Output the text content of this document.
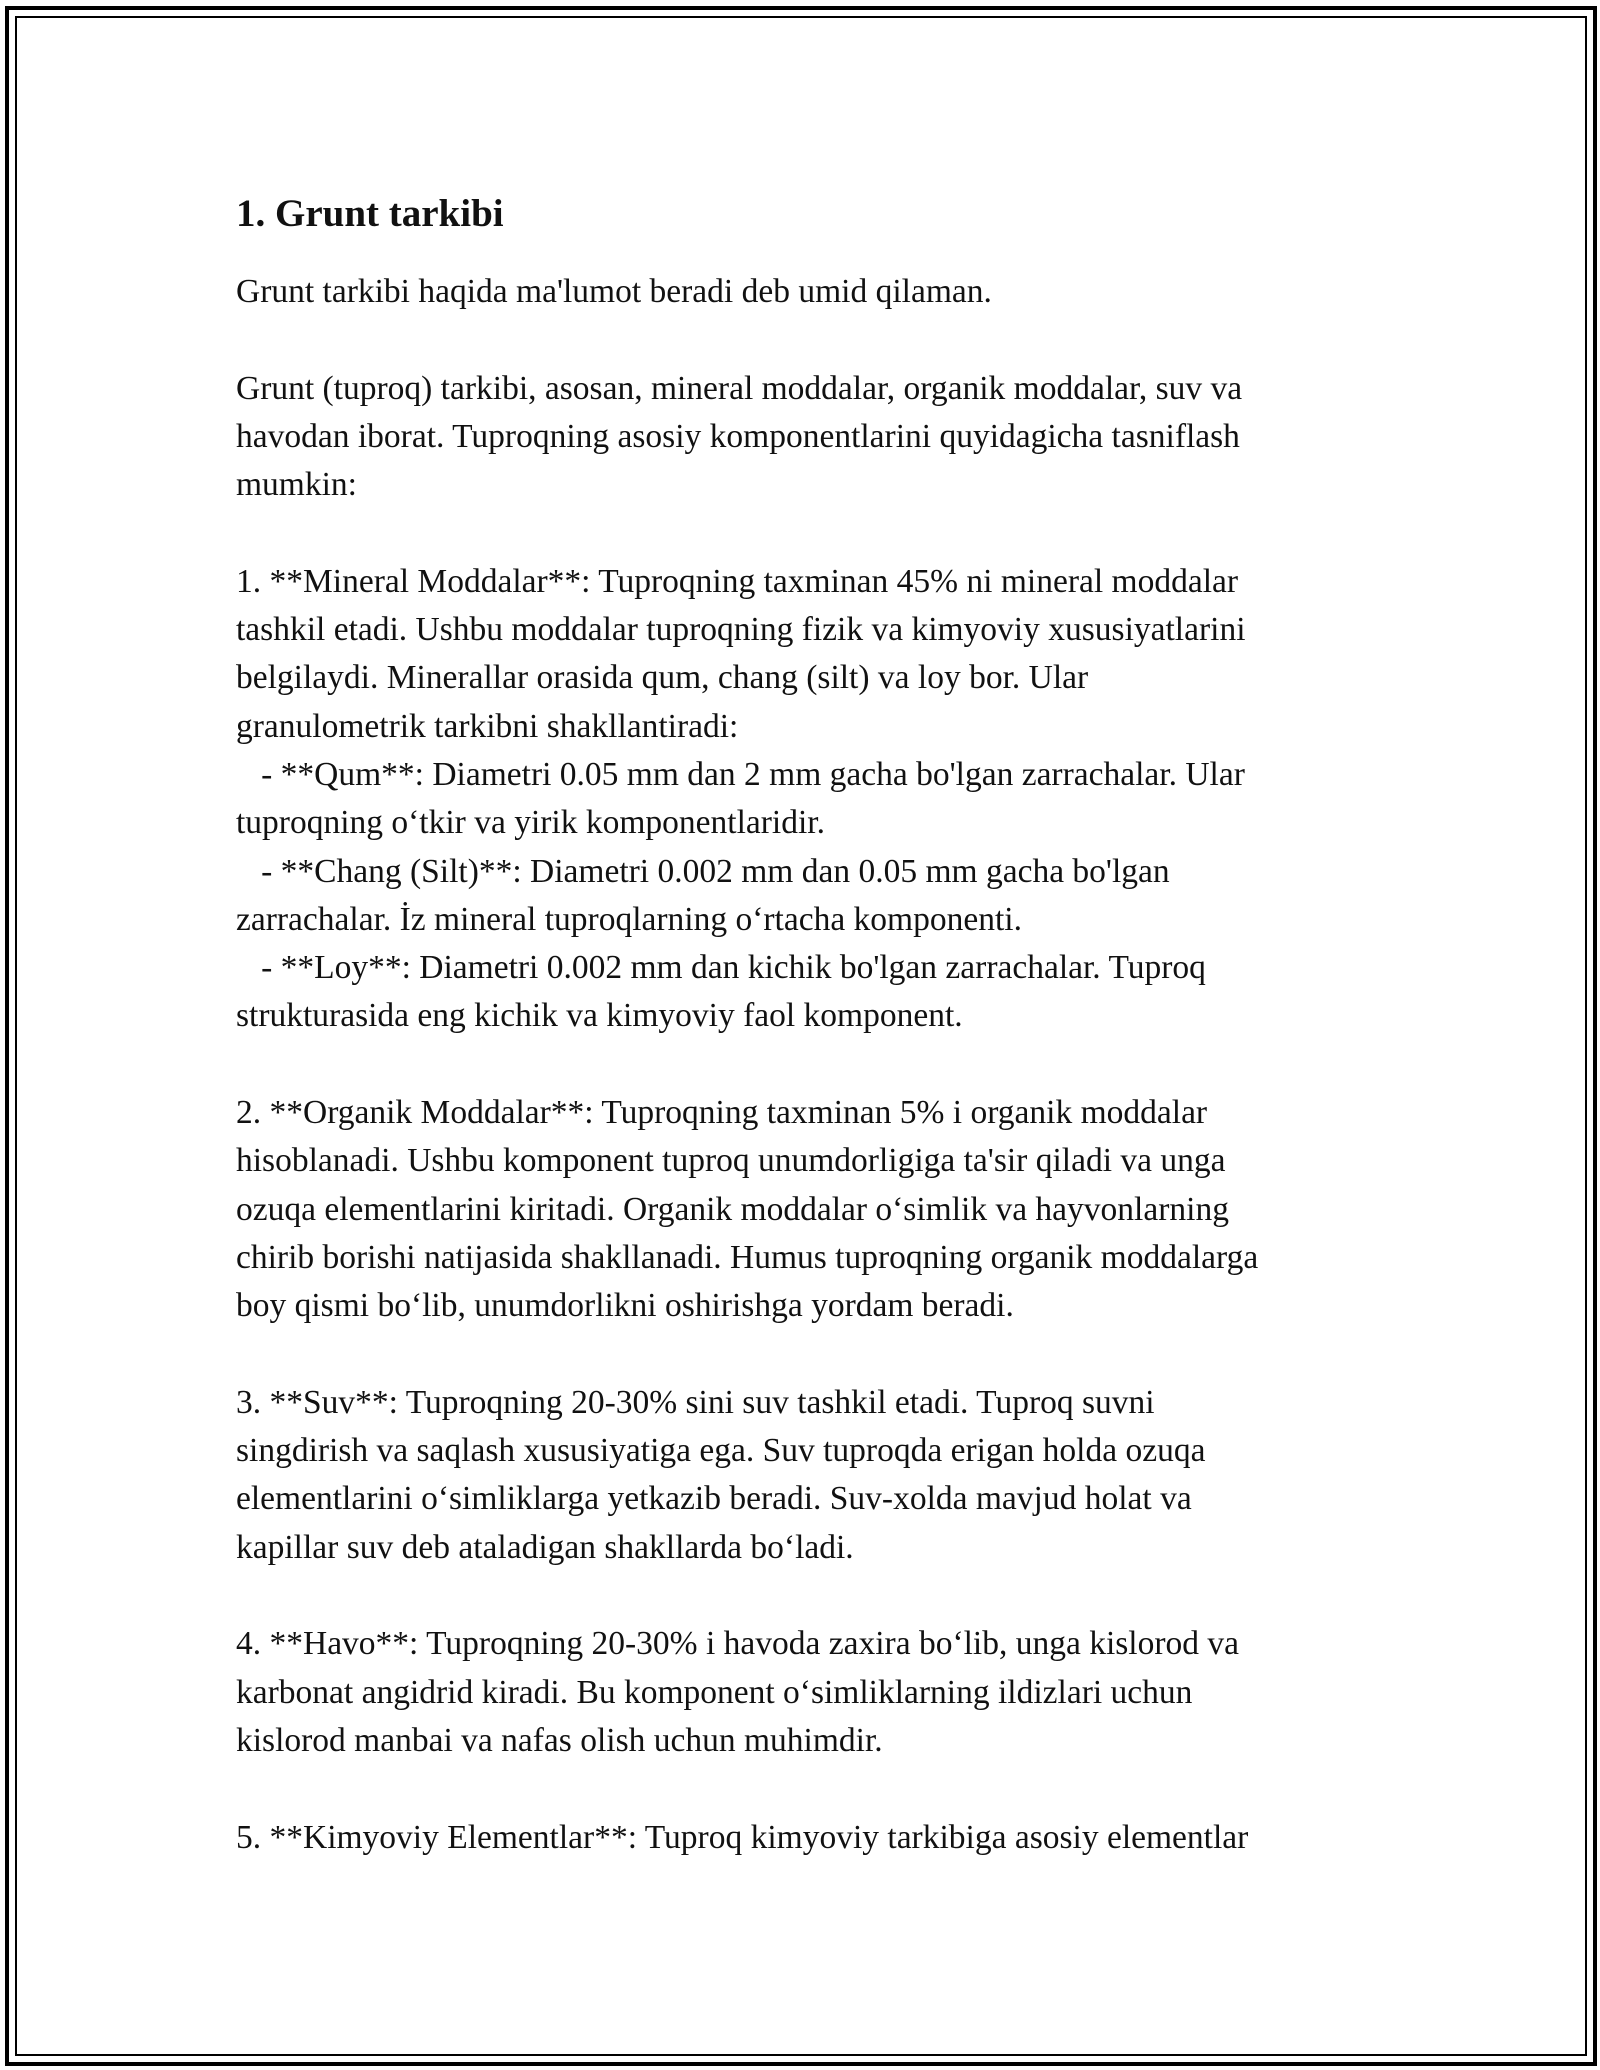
1. Grunt tarkibi

Grunt tarkibi haqida ma'lumot beradi deb umid qilaman.

Grunt (tuproq) tarkibi, asosan, mineral moddalar, organik moddalar, suv va
havodan iborat. Tuproqning asosiy komponentlarini quyidagicha tasniflash
mumkin:

1. **Mineral Moddalar**: Tuproqning taxminan 45% ni mineral moddalar
tashkil etadi. Ushbu moddalar tuproqning fizik va kimyoviy xususiyatlarini
belgilaydi. Minerallar orasida qum, chang (silt) va loy bor. Ular
granulometrik tarkibni shakllantiradi:
- **Qum**: Diametri 0.05 mm dan 2 mm gacha bo'lgan zarrachalar. Ular
tuproqning oʻtkir va yirik komponentlaridir.
- **Chang (Silt)**: Diametri 0.002 mm dan 0.05 mm gacha bo'lgan
zarrachalar. İz mineral tuproqlarning oʻrtacha komponenti.
- **Loy**: Diametri 0.002 mm dan kichik bo'lgan zarrachalar. Tuproq
strukturasida eng kichik va kimyoviy faol komponent.

2. **Organik Moddalar**: Tuproqning taxminan 5% i organik moddalar
hisoblanadi. Ushbu komponent tuproq unumdorligiga ta'sir qiladi va unga
ozuqa elementlarini kiritadi. Organik moddalar oʻsimlik va hayvonlarning
chirib borishi natijasida shakllanadi. Humus tuproqning organik moddalarga
boy qismi boʻlib, unumdorlikni oshirishga yordam beradi.

3. **Suv**: Tuproqning 20-30% sini suv tashkil etadi. Tuproq suvni
singdirish va saqlash xususiyatiga ega. Suv tuproqda erigan holda ozuqa
elementlarini oʻsimliklarga yetkazib beradi. Suv-xolda mavjud holat va
kapillar suv deb ataladigan shakllarda boʻladi.

4. **Havo**: Tuproqning 20-30% i havoda zaxira boʻlib, unga kislorod va
karbonat angidrid kiradi. Bu komponent oʻsimliklarning ildizlari uchun
kislorod manbai va nafas olish uchun muhimdir.

5. **Kimyoviy Elementlar**: Tuproq kimyoviy tarkibiga asosiy elementlar
